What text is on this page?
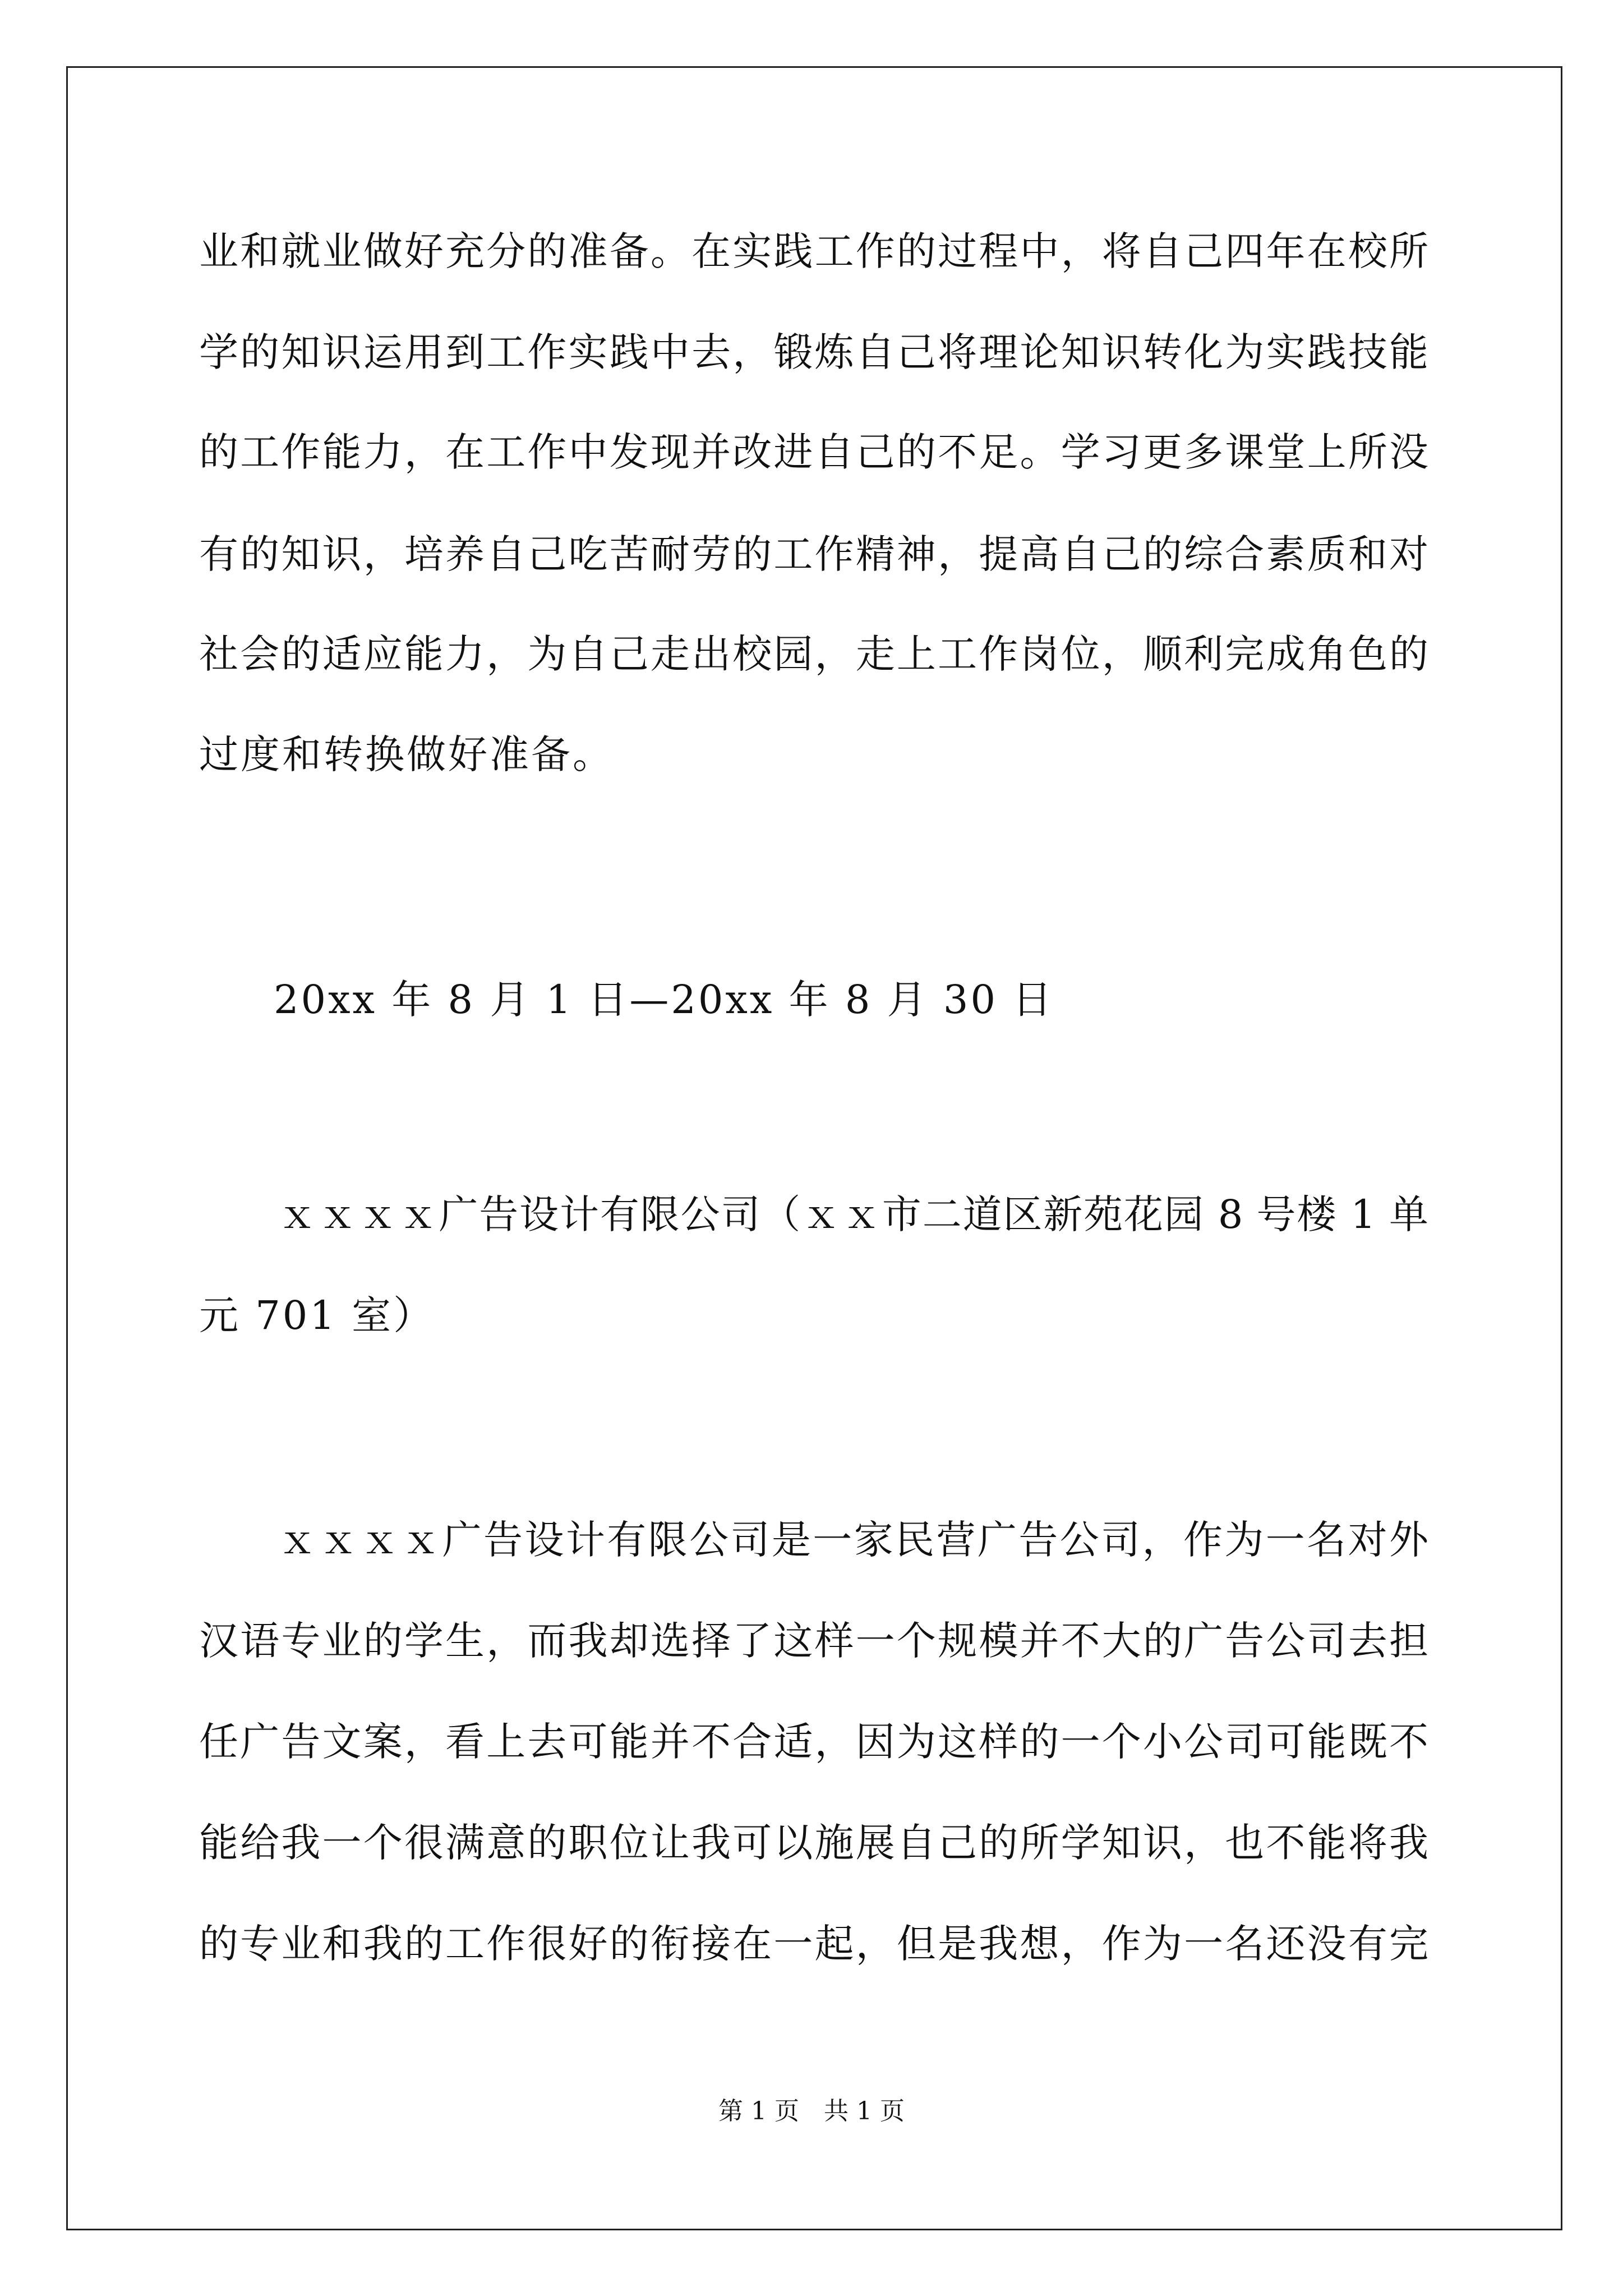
业和就业做好充分的准备。在实践工作的过程中，将自己四年在校所
学的知识运用到工作实践中去，锻炼自己将理论知识转化为实践技能
的工作能力，在工作中发现并改进自己的不足。学习更多课堂上所没
有的知识，培养自己吃苦耐劳的工作精神，提高自己的综合素质和对
社会的适应能力，为自己走出校园，走上工作岗位，顺利完成角色的
过度和转换做好准备。
20xx 年 8 月 1 日—20xx 年 8 月 30 日
ｘｘｘｘ广告设计有限公司（ｘｘ市二道区新苑花园 8 号楼 1 单
元 701 室）
ｘｘｘｘ广告设计有限公司是一家民营广告公司，作为一名对外
汉语专业的学生，而我却选择了这样一个规模并不大的广告公司去担
任广告文案，看上去可能并不合适，因为这样的一个小公司可能既不
能给我一个很满意的职位让我可以施展自己的所学知识，也不能将我
的专业和我的工作很好的衔接在一起，但是我想，作为一名还没有完
第 1 页　共 1 页
